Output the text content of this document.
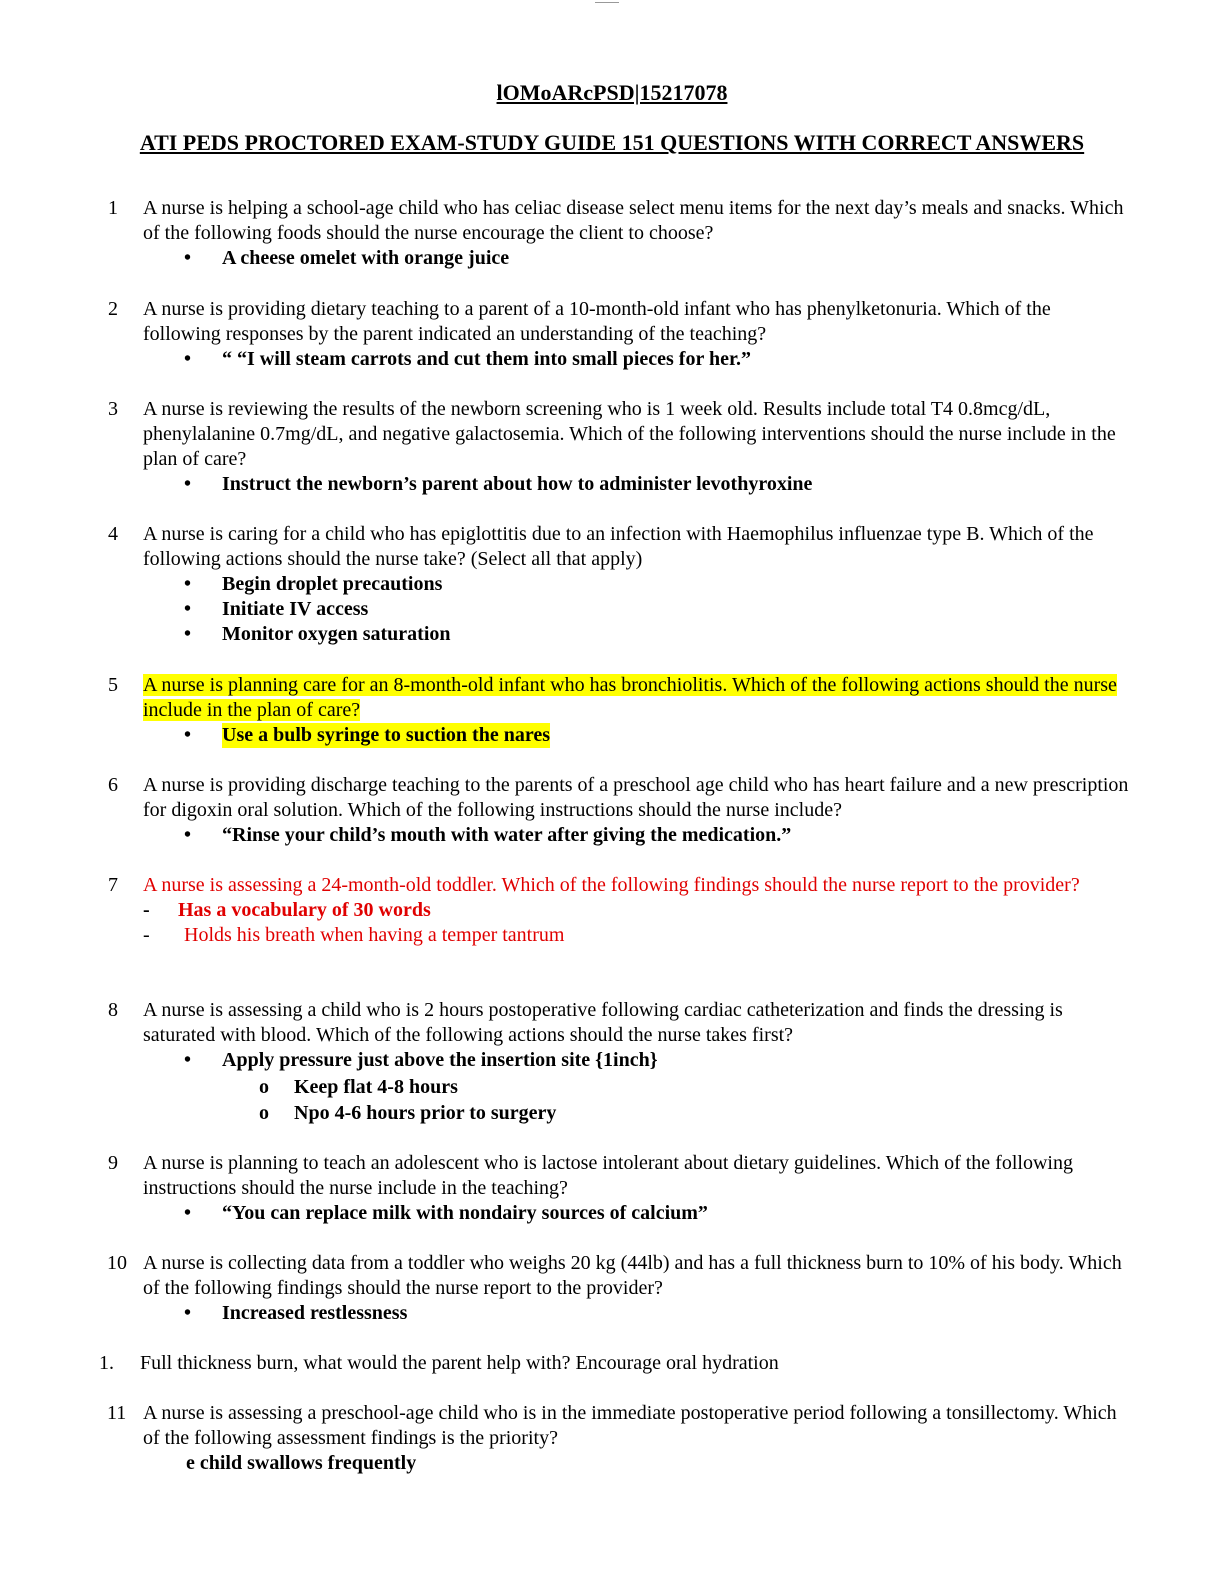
lOMoARcPSD|15217078
ATI PEDS PROCTORED EXAM-STUDY GUIDE 151 QUESTIONS WITH CORRECT ANSWERS
1	A nurse is helping a school-age child who has celiac disease select menu items for the next day’s meals and snacks. Which of the following foods should the nurse encourage the client to choose?
• A cheese omelet with orange juice
2	A nurse is providing dietary teaching to a parent of a 10-month-old infant who has phenylketonuria. Which of the following responses by the parent indicated an understanding of the teaching?
• “ “I will steam carrots and cut them into small pieces for her.”
3	A nurse is reviewing the results of the newborn screening who is 1 week old. Results include total T4 0.8mcg/dL, phenylalanine 0.7mg/dL, and negative galactosemia. Which of the following interventions should the nurse include in the plan of care?
• Instruct the newborn’s parent about how to administer levothyroxine
4	A nurse is caring for a child who has epiglottitis due to an infection with Haemophilus influenzae type B. Which of the following actions should the nurse take? (Select all that apply)
• Begin droplet precautions
• Initiate IV access
• Monitor oxygen saturation
5	A nurse is planning care for an 8-month-old infant who has bronchiolitis. Which of the following actions should the nurse include in the plan of care?
• Use a bulb syringe to suction the nares
6	A nurse is providing discharge teaching to the parents of a preschool age child who has heart failure and a new prescription for digoxin oral solution. Which of the following instructions should the nurse include?
• “Rinse your child’s mouth with water after giving the medication.”
7	A nurse is assessing a 24-month-old toddler. Which of the following findings should the nurse report to the provider?
- Has a vocabulary of 30 words
- Holds his breath when having a temper tantrum
8	A nurse is assessing a child who is 2 hours postoperative following cardiac catheterization and finds the dressing is saturated with blood. Which of the following actions should the nurse takes first?
• Apply pressure just above the insertion site {1inch}
o Keep flat 4-8 hours
o Npo 4-6 hours prior to surgery
9	A nurse is planning to teach an adolescent who is lactose intolerant about dietary guidelines. Which of the following instructions should the nurse include in the teaching?
• “You can replace milk with nondairy sources of calcium”
10 A nurse is collecting data from a toddler who weighs 20 kg (44lb) and has a full thickness burn to 10% of his body. Which of the following findings should the nurse report to the provider?
• Increased restlessness
1.	Full thickness burn, what would the parent help with? Encourage oral hydration
11 A nurse is assessing a preschool-age child who is in the immediate postoperative period following a tonsillectomy. Which of the following assessment findings is the priority?
e child swallows frequently
